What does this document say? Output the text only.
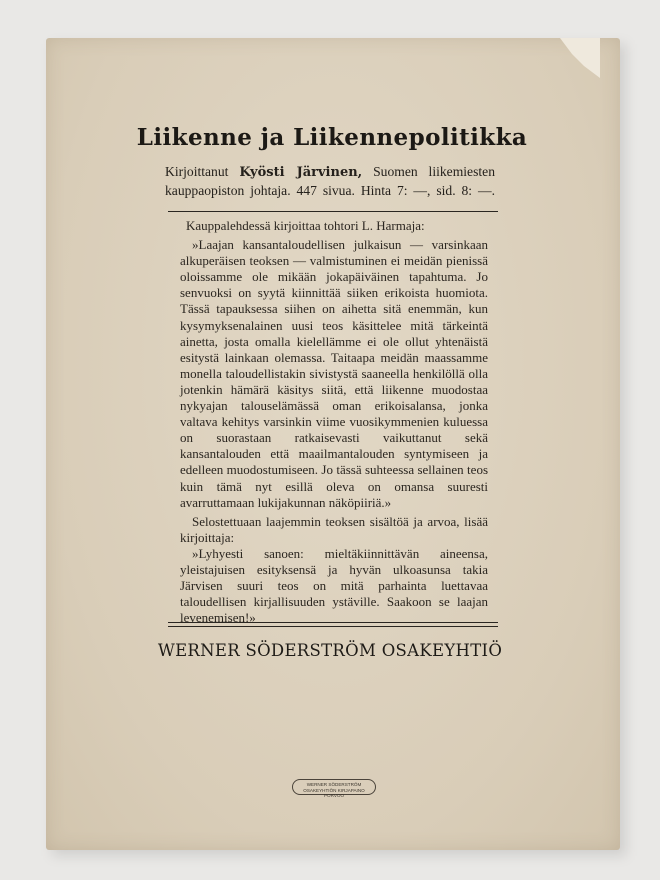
Liikenne ja Liikennepolitikka
Kirjoittanut Kyösti Järvinen, Suomen liikemiesten
kauppaopiston johtaja. 447 sivua. Hinta 7: —, sid. 8: —.

Kauppalehdessä kirjoittaa tohtori L. Harmaja:

»Laajan kansantaloudellisen julkaisun — varsinkaan alkuperäisen teoksen — valmistuminen ei meidän pienissä oloissamme ole mikään jokapäiväinen tapahtuma. Jo senvuoksi on syytä kiinnittää siiken erikoista huomiota. Tässä tapauksessa siihen on aihetta sitä enemmän, kun kysymyksenalainen uusi teos käsittelee mitä tärkeintä ainetta, josta omalla kielellämme ei ole ollut yhtenäistä esitystä lainkaan olemassa. Taitaapa meidän maassamme monella taloudellistakin sivistystä saaneella henkilöllä olla jotenkin hämärä käsitys siitä, että liikenne muodostaa nykyajan talouselämässä oman erikoisalansa, jonka valtava kehitys varsinkin viime vuosikymmenien kuluessa on suorastaan ratkaisevasti vaikuttanut sekä kansantalouden että maailmantalouden syntymiseen ja edelleen muodostumiseen. Jo tässä suhteessa sellainen teos kuin tämä nyt esillä oleva on omansa suuresti avarruttamaan lukijakunnan näköpiiriä.»

Selostettuaan laajemmin teoksen sisältöä ja arvoa, lisää kirjoittaja:

»Lyhyesti sanoen: mieltäkiinnittävän aineensa, yleistajuisen esityksensä ja hyvän ulkoasunsa takia Järvisen suuri teos on mitä parhainta luettavaa taloudellisen kirjallisuuden ystäville. Saakoon se laajan levenemisen!»

WERNER SÖDERSTRÖM OSAKEYHTIÖ
WERNER SÖDERSTRÖM OSAKEYHTIÖN KIRJAPAINO PORVOO
